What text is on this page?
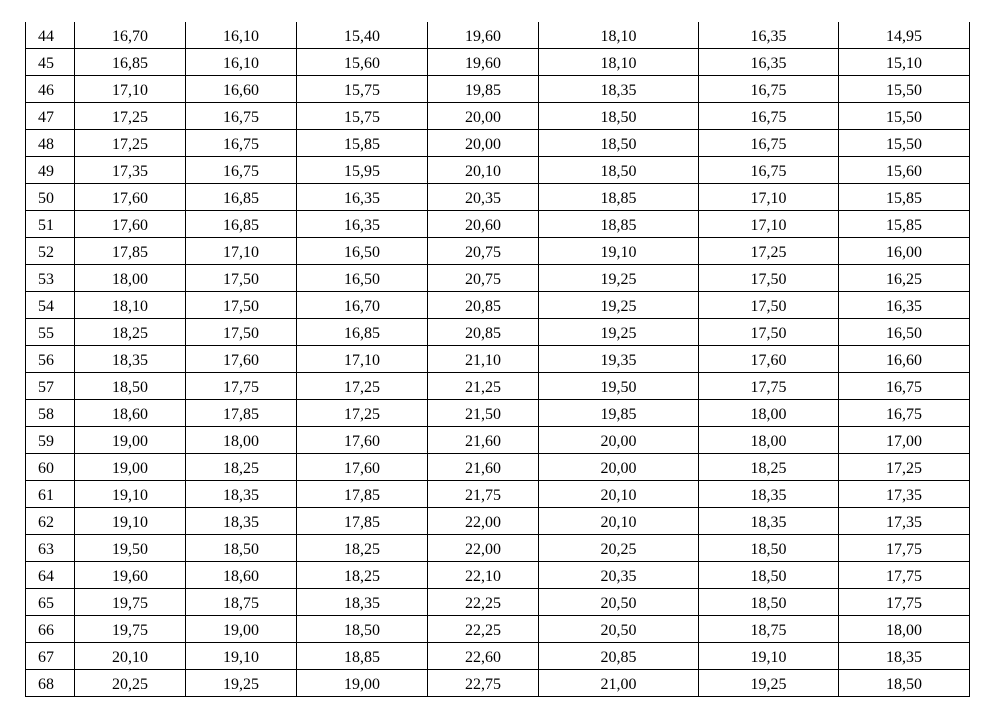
44	16,70	16,10	15,40	19,60	18,10	16,35	14,95
45	16,85	16,10	15,60	19,60	18,10	16,35	15,10
46	17,10	16,60	15,75	19,85	18,35	16,75	15,50
47	17,25	16,75	15,75	20,00	18,50	16,75	15,50
48	17,25	16,75	15,85	20,00	18,50	16,75	15,50
49	17,35	16,75	15,95	20,10	18,50	16,75	15,60
50	17,60	16,85	16,35	20,35	18,85	17,10	15,85
51	17,60	16,85	16,35	20,60	18,85	17,10	15,85
52	17,85	17,10	16,50	20,75	19,10	17,25	16,00
53	18,00	17,50	16,50	20,75	19,25	17,50	16,25
54	18,10	17,50	16,70	20,85	19,25	17,50	16,35
55	18,25	17,50	16,85	20,85	19,25	17,50	16,50
56	18,35	17,60	17,10	21,10	19,35	17,60	16,60
57	18,50	17,75	17,25	21,25	19,50	17,75	16,75
58	18,60	17,85	17,25	21,50	19,85	18,00	16,75
59	19,00	18,00	17,60	21,60	20,00	18,00	17,00
60	19,00	18,25	17,60	21,60	20,00	18,25	17,25
61	19,10	18,35	17,85	21,75	20,10	18,35	17,35
62	19,10	18,35	17,85	22,00	20,10	18,35	17,35
63	19,50	18,50	18,25	22,00	20,25	18,50	17,75
64	19,60	18,60	18,25	22,10	20,35	18,50	17,75
65	19,75	18,75	18,35	22,25	20,50	18,50	17,75
66	19,75	19,00	18,50	22,25	20,50	18,75	18,00
67	20,10	19,10	18,85	22,60	20,85	19,10	18,35
68	20,25	19,25	19,00	22,75	21,00	19,25	18,50
